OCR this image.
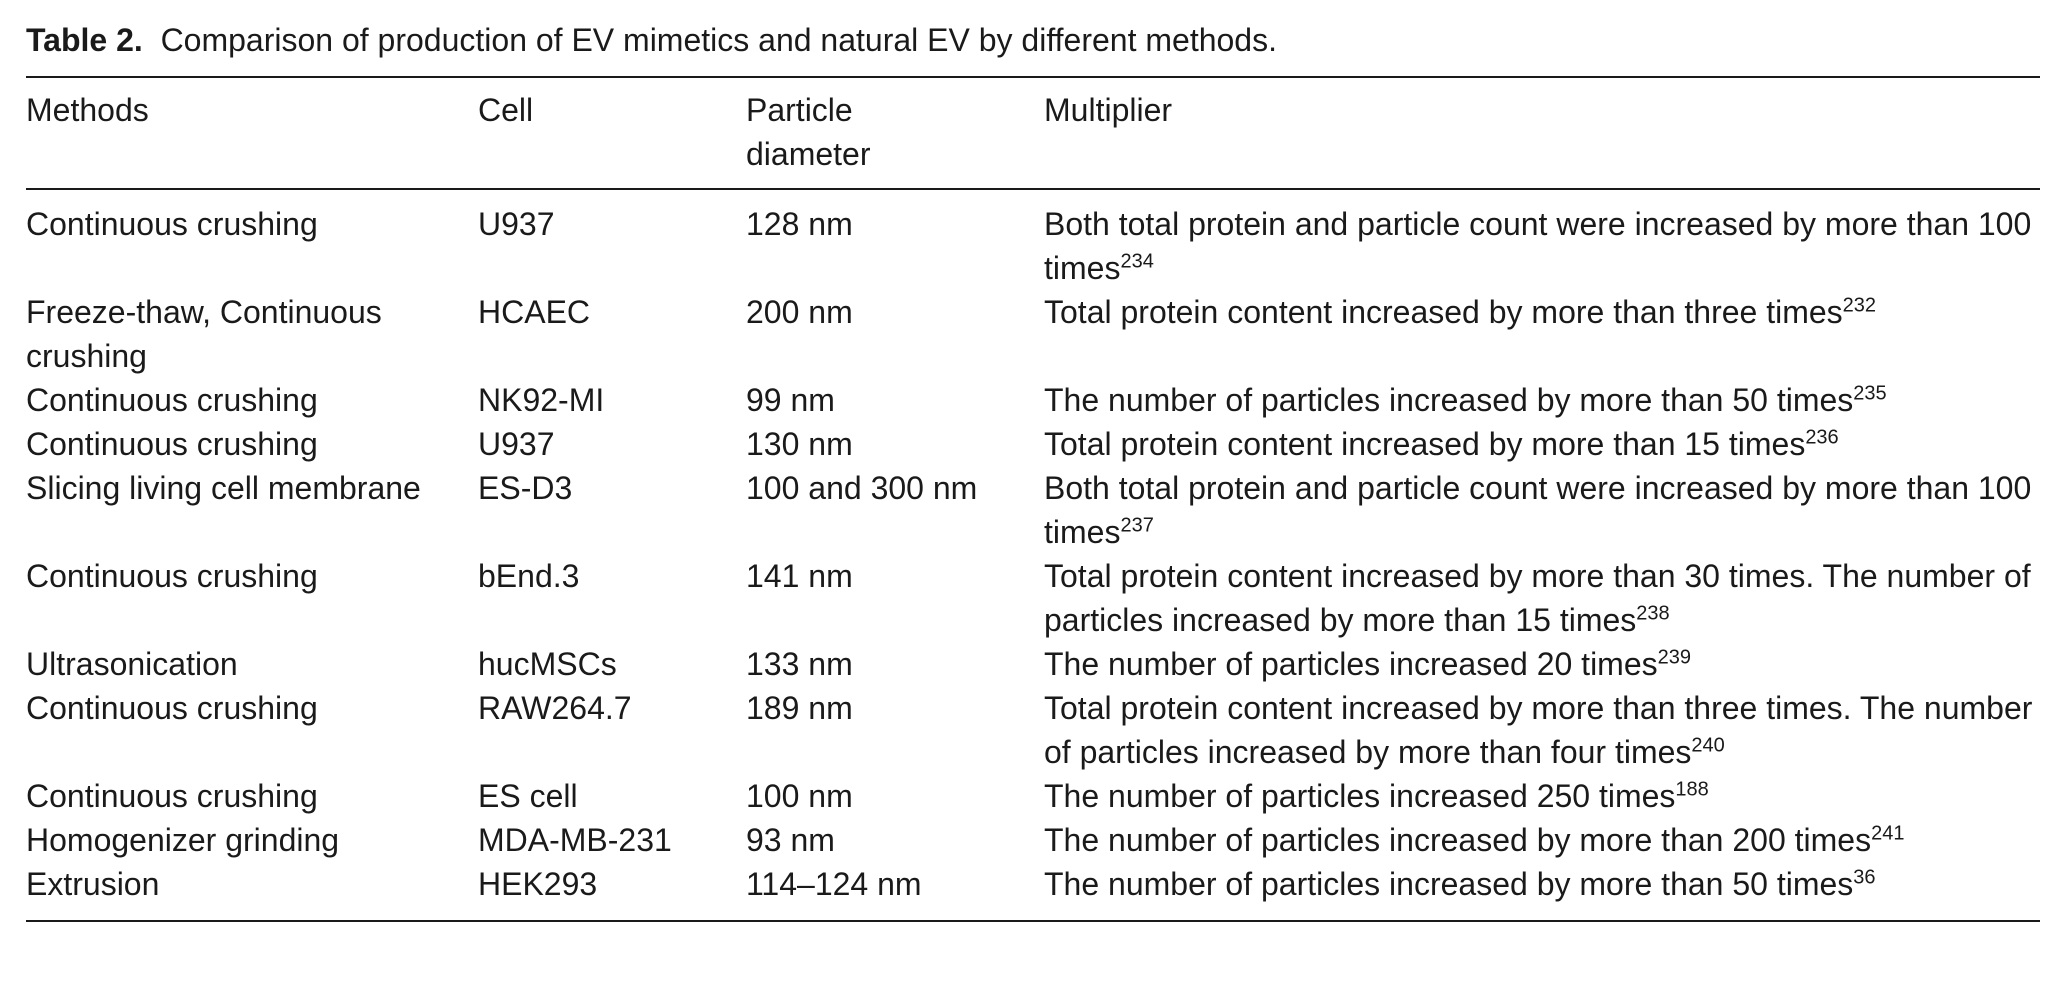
Table 2. Comparison of production of EV mimetics and natural EV by different methods.
Methods	Cell	Particle diameter	Multiplier
Continuous crushing	U937	128 nm	Both total protein and particle count were increased by more than 100 times$^{234}$
Freeze-thaw, Continuous crushing	HCAEC	200 nm	Total protein content increased by more than three times$^{232}$
Continuous crushing	NK92-MI	99 nm	The number of particles increased by more than 50 times$^{235}$
Continuous crushing	U937	130 nm	Total protein content increased by more than 15 times$^{236}$
Slicing living cell membrane	ES-D3	100 and 300 nm	Both total protein and particle count were increased by more than 100 times$^{237}$
Continuous crushing	bEnd.3	141 nm	Total protein content increased by more than 30 times. The number of particles increased by more than 15 times$^{238}$
Ultrasonication	hucMSCs	133 nm	The number of particles increased 20 times$^{239}$
Continuous crushing	RAW264.7	189 nm	Total protein content increased by more than three times. The number of particles increased by more than four times$^{240}$
Continuous crushing	ES cell	100 nm	The number of particles increased 250 times$^{188}$
Homogenizer grinding	MDA-MB-231	93 nm	The number of particles increased by more than 200 times$^{241}$
Extrusion	HEK293	114–124 nm	The number of particles increased by more than 50 times$^{36}$
